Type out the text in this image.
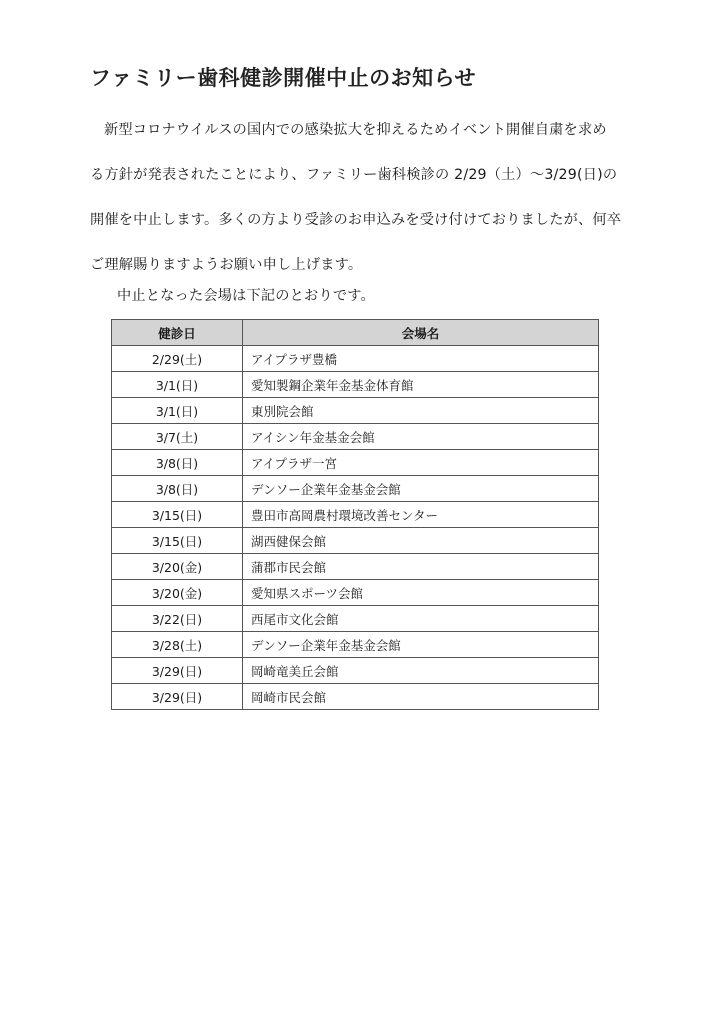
ファミリー歯科健診開催中止のお知らせ
新型コロナウイルスの国内での感染拡大を抑えるためイベント開催自粛を求め
る方針が発表されたことにより、ファミリー歯科検診の 2/29（土）～3/29(日)の
開催を中止します。多くの方より受診のお申込みを受け付けておりましたが、何卒
ご理解賜りますようお願い申し上げます。
中止となった会場は下記のとおりです。
健診日	会場名
2/29(土)	アイプラザ豊橋
3/1(日)	愛知製鋼企業年金基金体育館
3/1(日)	東別院会館
3/7(土)	アイシン年金基金会館
3/8(日)	アイプラザ一宮
3/8(日)	デンソー企業年金基金会館
3/15(日)	豊田市高岡農村環境改善センター
3/15(日)	湖西健保会館
3/20(金)	蒲郡市民会館
3/20(金)	愛知県スポーツ会館
3/22(日)	西尾市文化会館
3/28(土)	デンソー企業年金基金会館
3/29(日)	岡崎竜美丘会館
3/29(日)	岡崎市民会館
